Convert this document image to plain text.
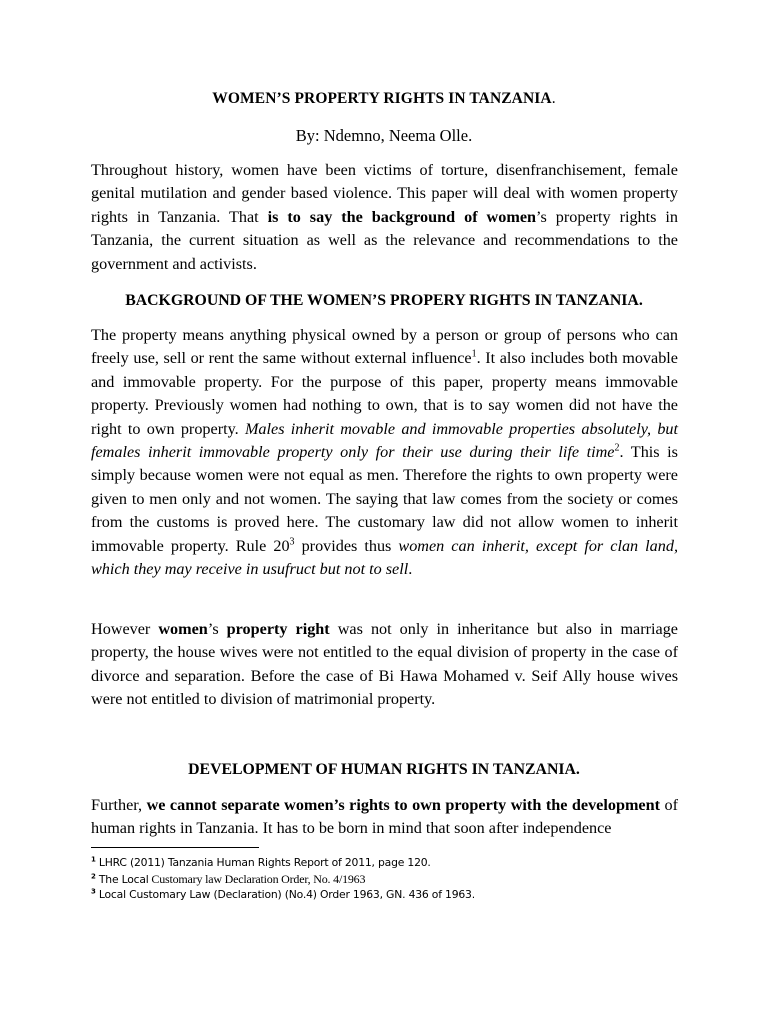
WOMEN’S PROPERTY RIGHTS IN TANZANIA.
By: Ndemno, Neema Olle.

Throughout history, women have been victims of torture, disenfranchisement, female genital mutilation and gender based violence. This paper will deal with women property rights in Tanzania. That is to say the background of women’s property rights in Tanzania, the current situation as well as the relevance and recommendations to the government and activists.

BACKGROUND OF THE WOMEN’S PROPERY RIGHTS IN TANZANIA.

The property means anything physical owned by a person or group of persons who can freely use, sell or rent the same without external influence$^1$. It also includes both movable and immovable property. For the purpose of this paper, property means immovable property. Previously women had nothing to own, that is to say women did not have the right to own property. Males inherit movable and immovable properties absolutely, but females inherit immovable property only for their use during their life time$^2$. This is simply because women were not equal as men. Therefore the rights to own property were given to men only and not women. The saying that law comes from the society or comes from the customs is proved here. The customary law did not allow women to inherit immovable property. Rule $20^3$ provides thus women can inherit, except for clan land, which they may receive in usufruct but not to sell.

However women’s property right was not only in inheritance but also in marriage property, the house wives were not entitled to the equal division of property in the case of divorce and separation. Before the case of Bi Hawa Mohamed v. Seif Ally house wives were not entitled to division of matrimonial property.

DEVELOPMENT OF HUMAN RIGHTS IN TANZANIA.

Further, we cannot separate women’s rights to own property with the development of human rights in Tanzania. It has to be born in mind that soon after independence

$^1$ LHRC (2011) Tanzania Human Rights Report of 2011, page 120.
$^2$ The Local Customary law Declaration Order, No. 4/1963
$^3$ Local Customary Law (Declaration) (No.4) Order 1963, GN. 436 of 1963.
